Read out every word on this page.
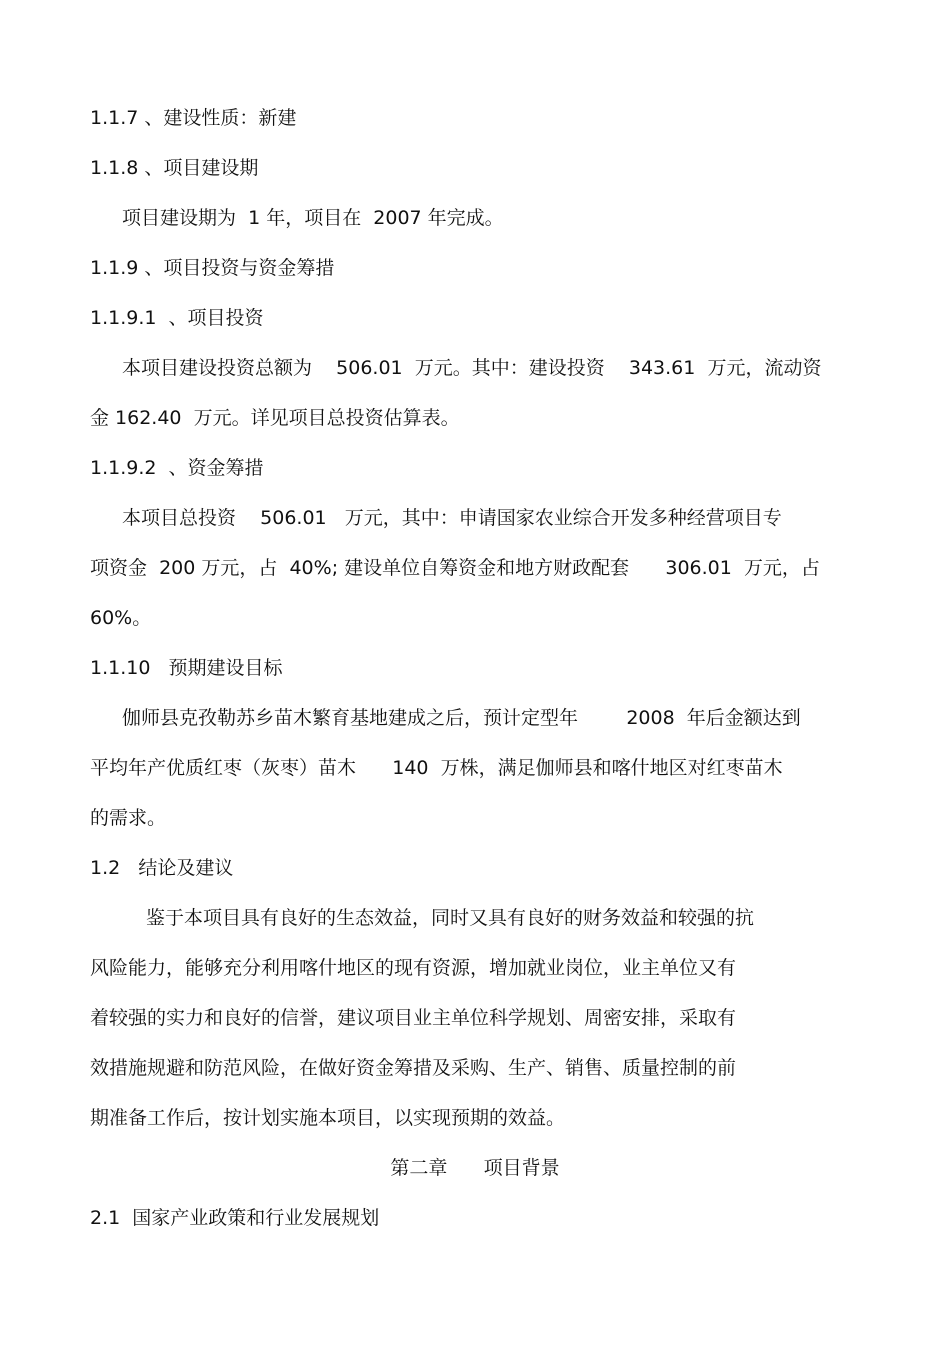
1.1.7 、建设性质：新建
1.1.8 、项目建设期
项目建设期为  1 年，项目在  2007 年完成。
1.1.9 、项目投资与资金筹措
1.1.9.1  、项目投资
本项目建设投资总额为    506.01  万元。其中：建设投资    343.61  万元，流动资
金 162.40  万元。详见项目总投资估算表。
1.1.9.2  、资金筹措
本项目总投资    506.01   万元，其中：申请国家农业综合开发多种经营项目专
项资金  200 万元，占  40%; 建设单位自筹资金和地方财政配套      306.01  万元，占
60%。
1.1.10   预期建设目标
伽师县克孜勒苏乡苗木繁育基地建成之后，预计定型年        2008  年后金额达到
平均年产优质红枣（灰枣）苗木      140  万株，满足伽师县和喀什地区对红枣苗木
的需求。
1.2   结论及建议
鉴于本项目具有良好的生态效益，同时又具有良好的财务效益和较强的抗
风险能力，能够充分利用喀什地区的现有资源，增加就业岗位，业主单位又有
着较强的实力和良好的信誉，建议项目业主单位科学规划、周密安排，采取有
效措施规避和防范风险，在做好资金筹措及采购、生产、销售、质量控制的前
期准备工作后，按计划实施本项目，以实现预期的效益。
第二章      项目背景
2.1  国家产业政策和行业发展规划
